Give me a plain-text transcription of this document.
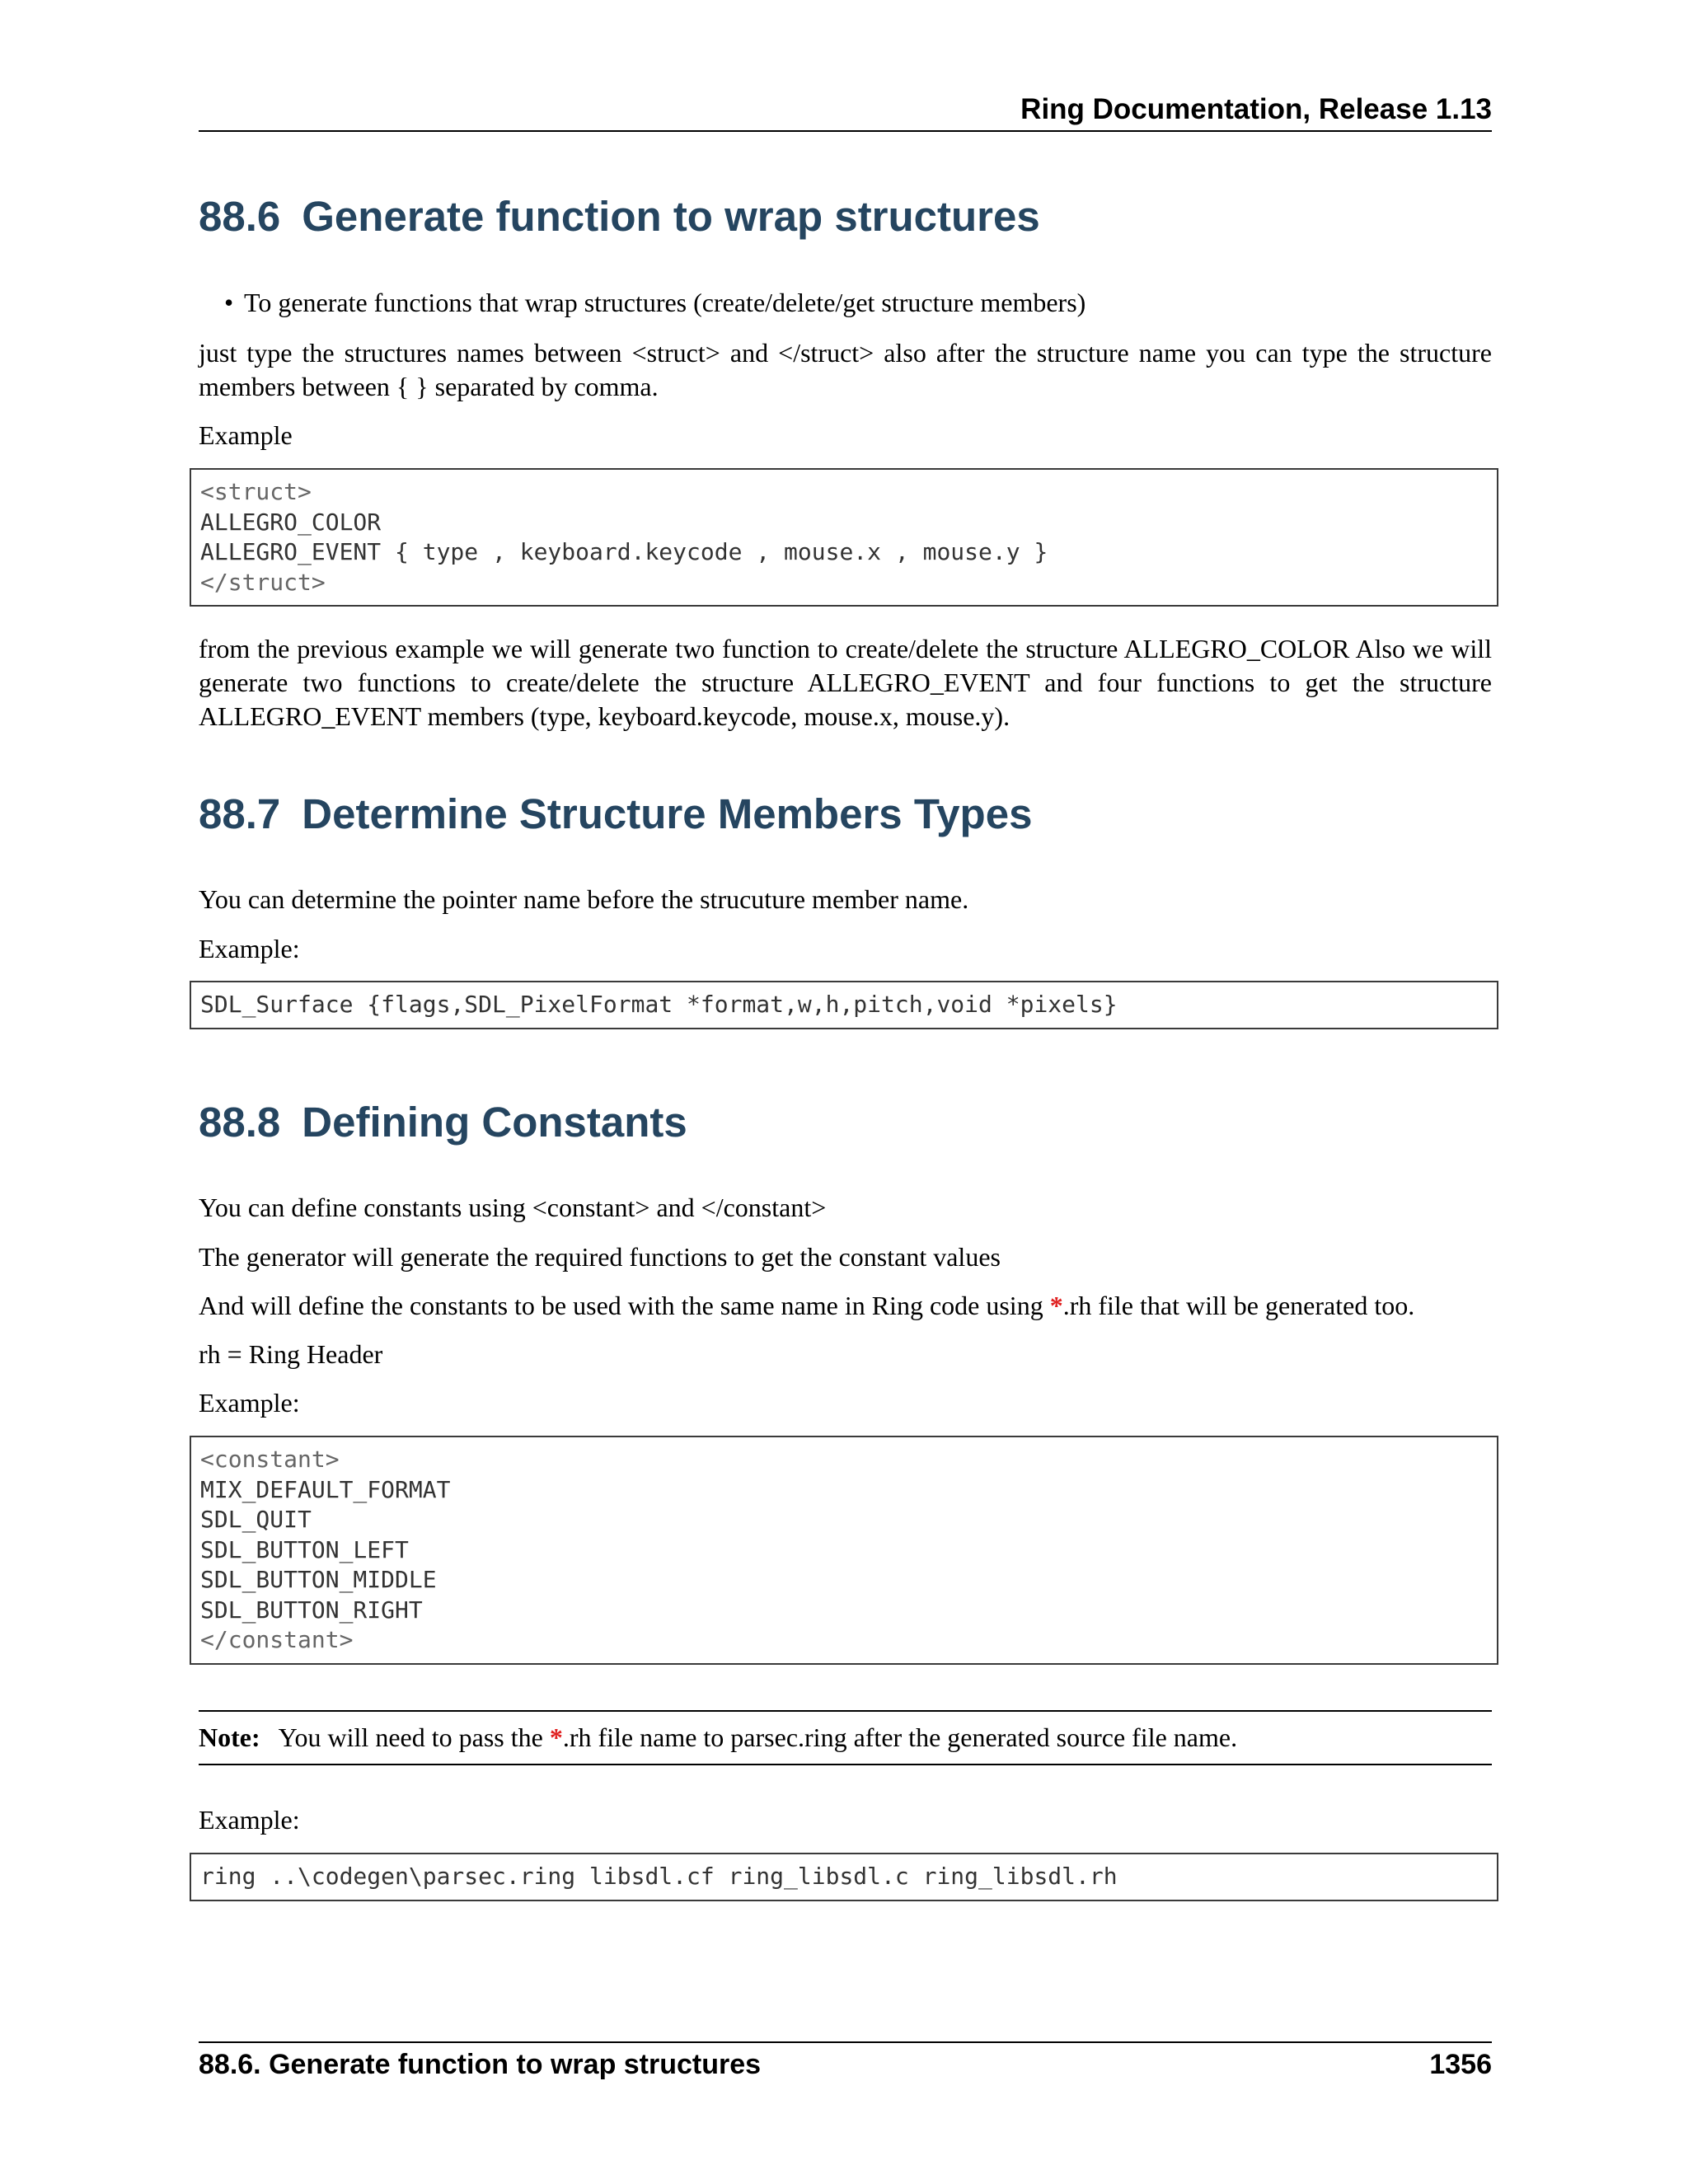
Ring Documentation, Release 1.13
88.6 Generate function to wrap structures
• To generate functions that wrap structures (create/delete/get structure members)

just type the structures names between <struct> and </struct> also after the structure name you can type the structure members between { } separated by comma.

Example

<struct>
ALLEGRO_COLOR
ALLEGRO_EVENT { type , keyboard.keycode , mouse.x , mouse.y }
</struct>

from the previous example we will generate two function to create/delete the structure ALLEGRO_COLOR Also we will generate two functions to create/delete the structure ALLEGRO_EVENT and four functions to get the structure ALLEGRO_EVENT members (type, keyboard.keycode, mouse.x, mouse.y).

88.7 Determine Structure Members Types

You can determine the pointer name before the strucuture member name.

Example:

SDL_Surface {flags,SDL_PixelFormat *format,w,h,pitch,void *pixels}
88.8 Defining Constants

You can define constants using <constant> and </constant>

The generator will generate the required functions to get the constant values

And will define the constants to be used with the same name in Ring code using *.rh file that will be generated too.

rh = Ring Header

Example:

<constant>
MIX_DEFAULT_FORMAT
SDL_QUIT
SDL_BUTTON_LEFT
SDL_BUTTON_MIDDLE
SDL_BUTTON_RIGHT
</constant>
Note: You will need to pass the *.rh file name to parsec.ring after the generated source file name.

Example:

ring ..\codegen\parsec.ring libsdl.cf ring_libsdl.c ring_libsdl.rh
88.6. Generate function to wrap structures	1356
